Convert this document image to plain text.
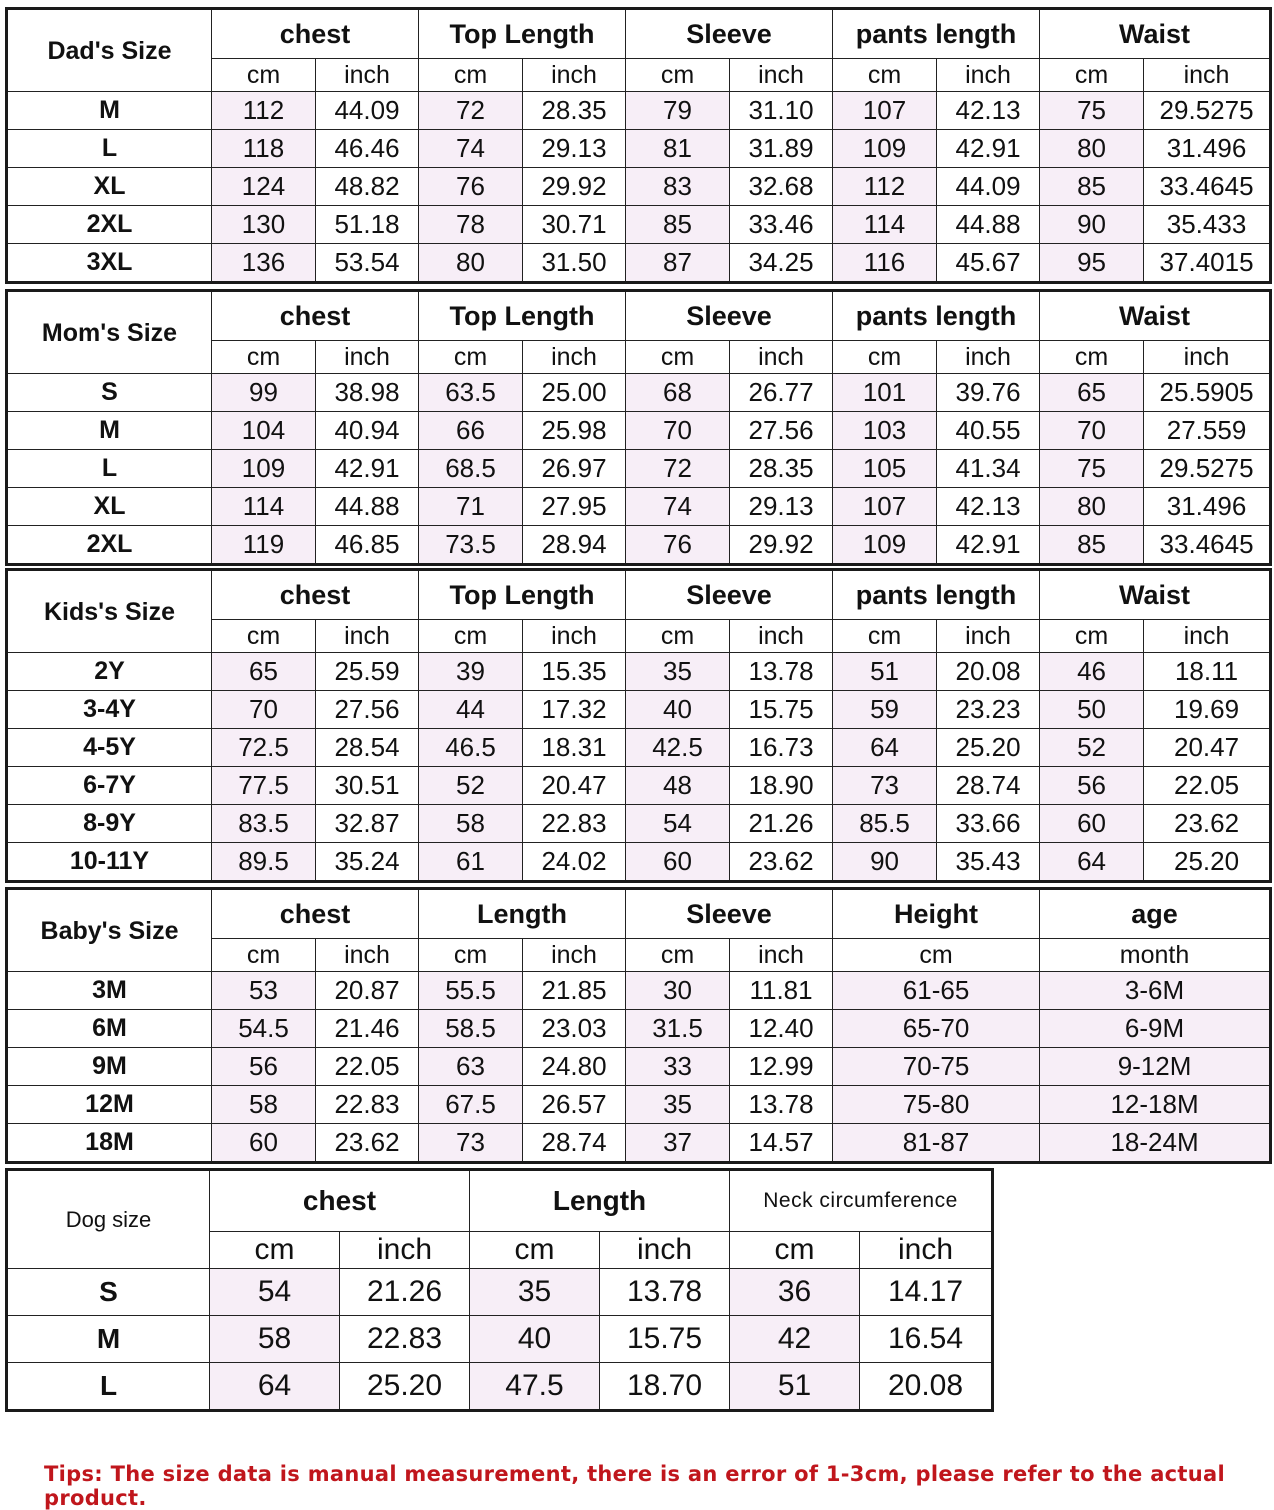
Dad's Size	chest		Top Length		Sleeve		pants length		Waist	
	cm	inch	cm	inch	cm	inch	cm	inch	cm	inch
M	112	44.09	72	28.35	79	31.10	107	42.13	75	29.5275
L	118	46.46	74	29.13	81	31.89	109	42.91	80	31.496
XL	124	48.82	76	29.92	83	32.68	112	44.09	85	33.4645
2XL	130	51.18	78	30.71	85	33.46	114	44.88	90	35.433
3XL	136	53.54	80	31.50	87	34.25	116	45.67	95	37.4015
Mom's Size	chest		Top Length		Sleeve		pants length		Waist	
	cm	inch	cm	inch	cm	inch	cm	inch	cm	inch
S	99	38.98	63.5	25.00	68	26.77	101	39.76	65	25.5905
M	104	40.94	66	25.98	70	27.56	103	40.55	70	27.559
L	109	42.91	68.5	26.97	72	28.35	105	41.34	75	29.5275
XL	114	44.88	71	27.95	74	29.13	107	42.13	80	31.496
2XL	119	46.85	73.5	28.94	76	29.92	109	42.91	85	33.4645
Kids's Size	chest		Top Length		Sleeve		pants length		Waist	
	cm	inch	cm	inch	cm	inch	cm	inch	cm	inch
2Y	65	25.59	39	15.35	35	13.78	51	20.08	46	18.11
3-4Y	70	27.56	44	17.32	40	15.75	59	23.23	50	19.69
4-5Y	72.5	28.54	46.5	18.31	42.5	16.73	64	25.20	52	20.47
6-7Y	77.5	30.51	52	20.47	48	18.90	73	28.74	56	22.05
8-9Y	83.5	32.87	58	22.83	54	21.26	85.5	33.66	60	23.62
10-11Y	89.5	35.24	61	24.02	60	23.62	90	35.43	64	25.20
Baby's Size	chest		Length		Sleeve		Height	age
	cm	inch	cm	inch	cm	inch	cm	month
3M	53	20.87	55.5	21.85	30	11.81	61-65	3-6M
6M	54.5	21.46	58.5	23.03	31.5	12.40	65-70	6-9M
9M	56	22.05	63	24.80	33	12.99	70-75	9-12M
12M	58	22.83	67.5	26.57	35	13.78	75-80	12-18M
18M	60	23.62	73	28.74	37	14.57	81-87	18-24M
Dog size	chest		Length		Neck circumference	
	cm	inch	cm	inch	cm	inch
S	54	21.26	35	13.78	36	14.17
M	58	22.83	40	15.75	42	16.54
L	64	25.20	47.5	18.70	51	20.08
Tips: The size data is manual measurement, there is an error of 1-3cm, please refer to the actual product.
